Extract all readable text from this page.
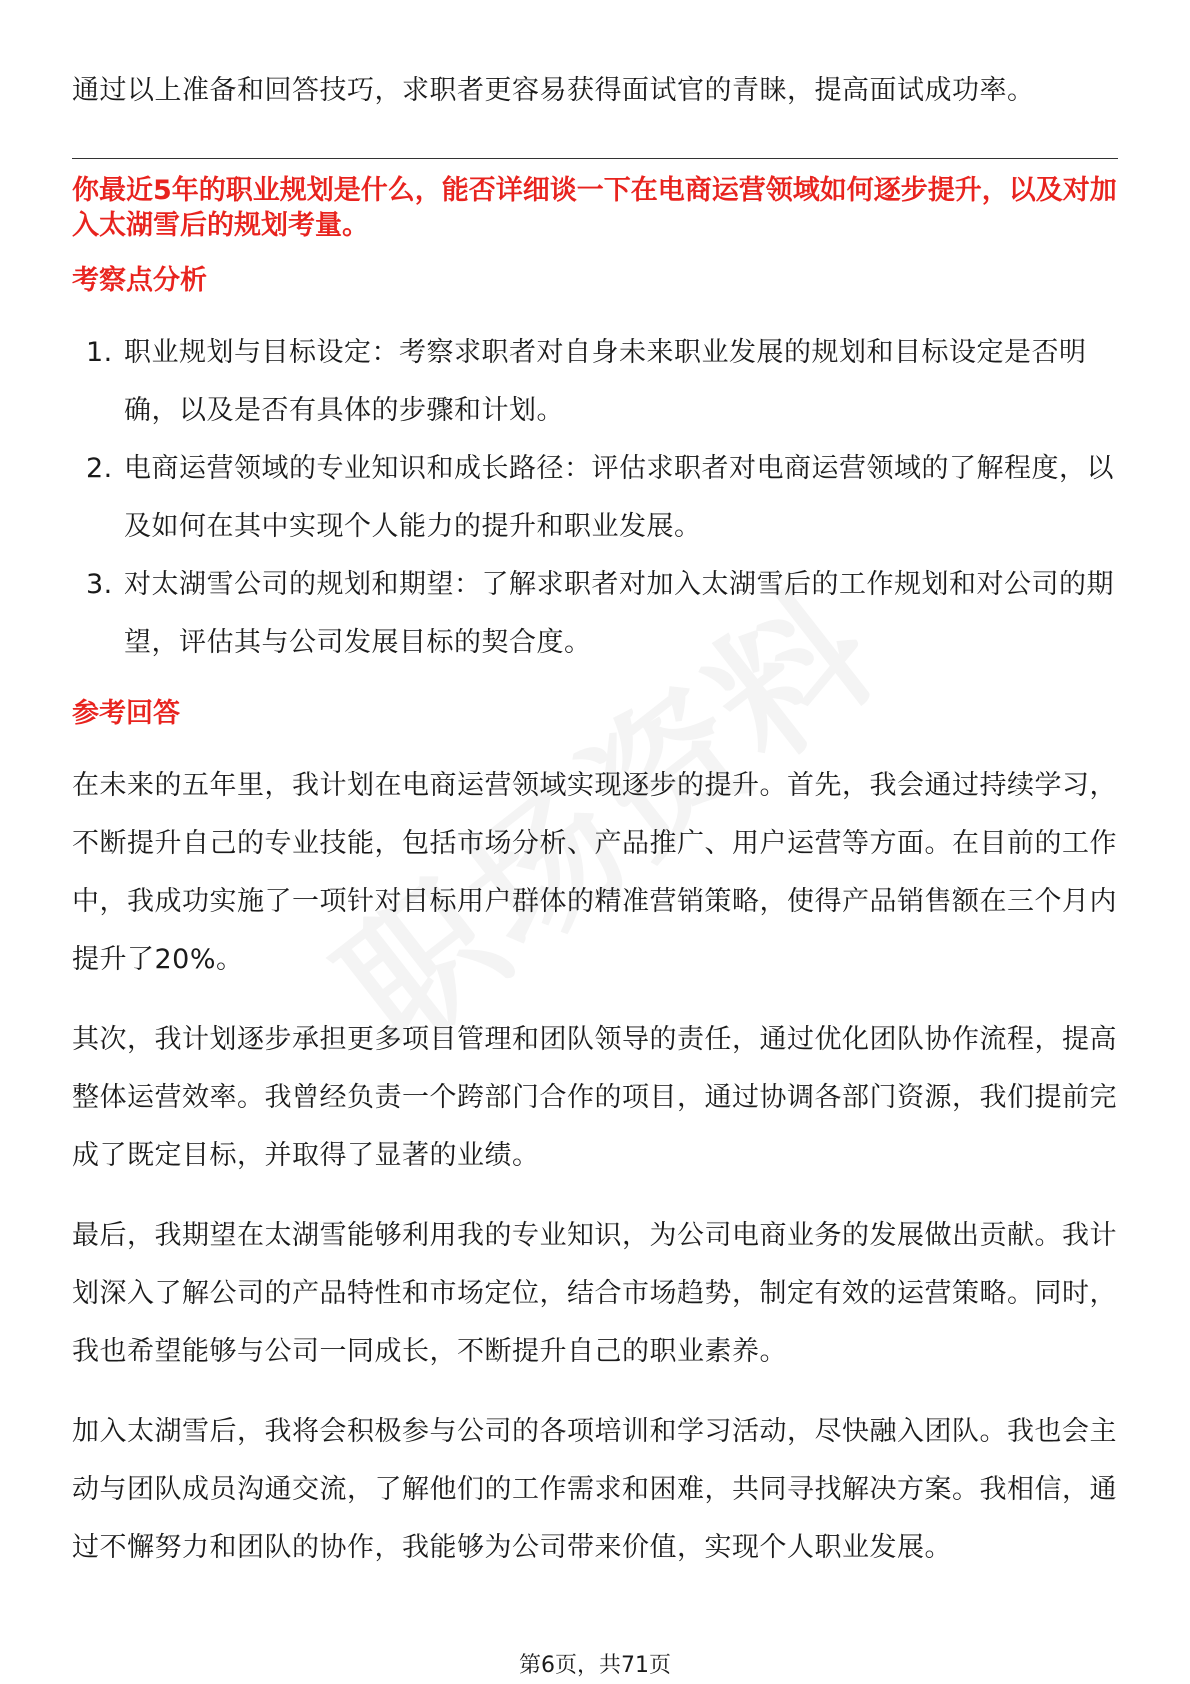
通过以上准备和回答技巧，求职者更容易获得面试官的青睐，提高面试成功率。

你最近5年的职业规划是什么，能否详细谈一下在电商运营领域如何逐步提升，以及对加入太湖雪后的规划考量。

考察点分析

1. 职业规划与目标设定：考察求职者对自身未来职业发展的规划和目标设定是否明确，以及是否有具体的步骤和计划。
2. 电商运营领域的专业知识和成长路径：评估求职者对电商运营领域的了解程度，以及如何在其中实现个人能力的提升和职业发展。
3. 对太湖雪公司的规划和期望：了解求职者对加入太湖雪后的工作规划和对公司的期望，评估其与公司发展目标的契合度。

参考回答

在未来的五年里，我计划在电商运营领域实现逐步的提升。首先，我会通过持续学习，不断提升自己的专业技能，包括市场分析、产品推广、用户运营等方面。在目前的工作中，我成功实施了一项针对目标用户群体的精准营销策略，使得产品销售额在三个月内提升了20%。

其次，我计划逐步承担更多项目管理和团队领导的责任，通过优化团队协作流程，提高整体运营效率。我曾经负责一个跨部门合作的项目，通过协调各部门资源，我们提前完成了既定目标，并取得了显著的业绩。

最后，我期望在太湖雪能够利用我的专业知识，为公司电商业务的发展做出贡献。我计划深入了解公司的产品特性和市场定位，结合市场趋势，制定有效的运营策略。同时，我也希望能够与公司一同成长，不断提升自己的职业素养。

加入太湖雪后，我将会积极参与公司的各项培训和学习活动，尽快融入团队。我也会主动与团队成员沟通交流，了解他们的工作需求和困难，共同寻找解决方案。我相信，通过不懈努力和团队的协作，我能够为公司带来价值，实现个人职业发展。

第6页，共71页
